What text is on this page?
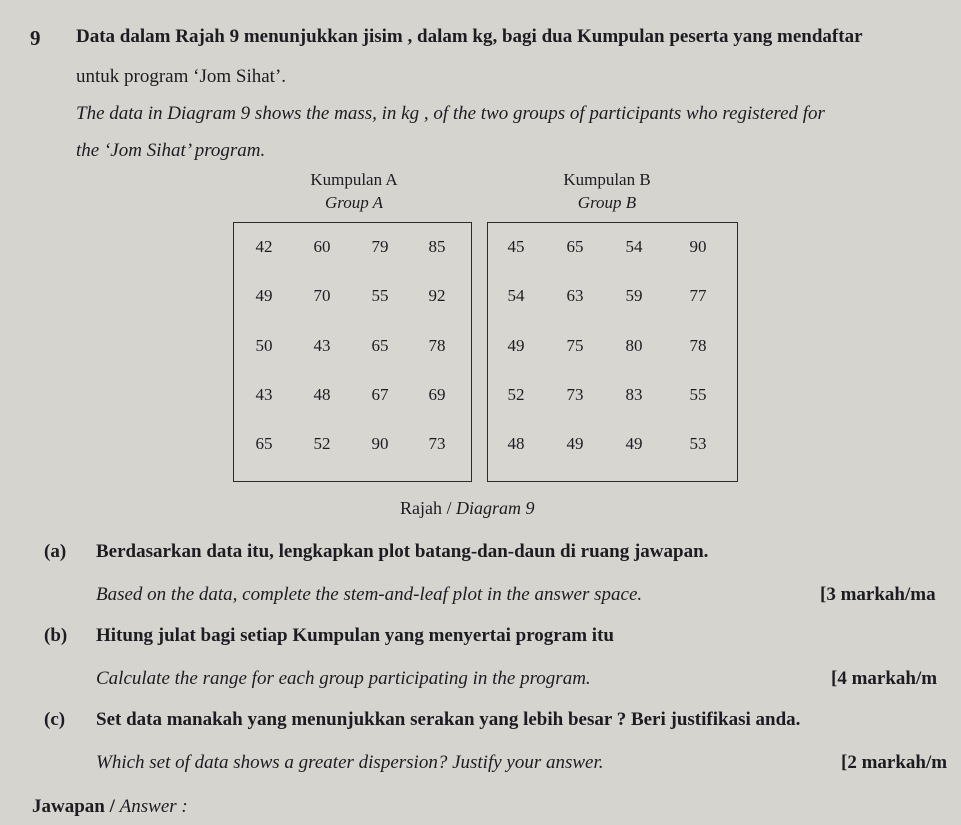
9 Data dalam Rajah 9 menunjukkan jisim , dalam kg, bagi dua Kumpulan peserta yang mendaftar
untuk program ‘Jom Sihat’.
The data in Diagram 9 shows the mass, in kg , of the two groups of participants who registered for
the ‘Jom Sihat’ program.
Kumpulan A
Group A
42	60	79	85
49	70	55	92
50	43	65	78
43	48	67	69
65	52	90	73
Kumpulan B
Group B
45	65	54	90
54	63	59	77
49	75	80	78
52	73	83	55
48	49	49	53
Rajah / Diagram 9
(a) Berdasarkan data itu, lengkapkan plot batang-dan-daun di ruang jawapan.
Based on the data, complete the stem-and-leaf plot in the answer space.	[3 markah/ma
(b) Hitung julat bagi setiap Kumpulan yang menyertai program itu
Calculate the range for each group participating in the program.	[4 markah/m
(c) Set data manakah yang menunjukkan serakan yang lebih besar ? Beri justifikasi anda.
Which set of data shows a greater dispersion? Justify your answer.	[2 markah/m
Jawapan / Answer :
